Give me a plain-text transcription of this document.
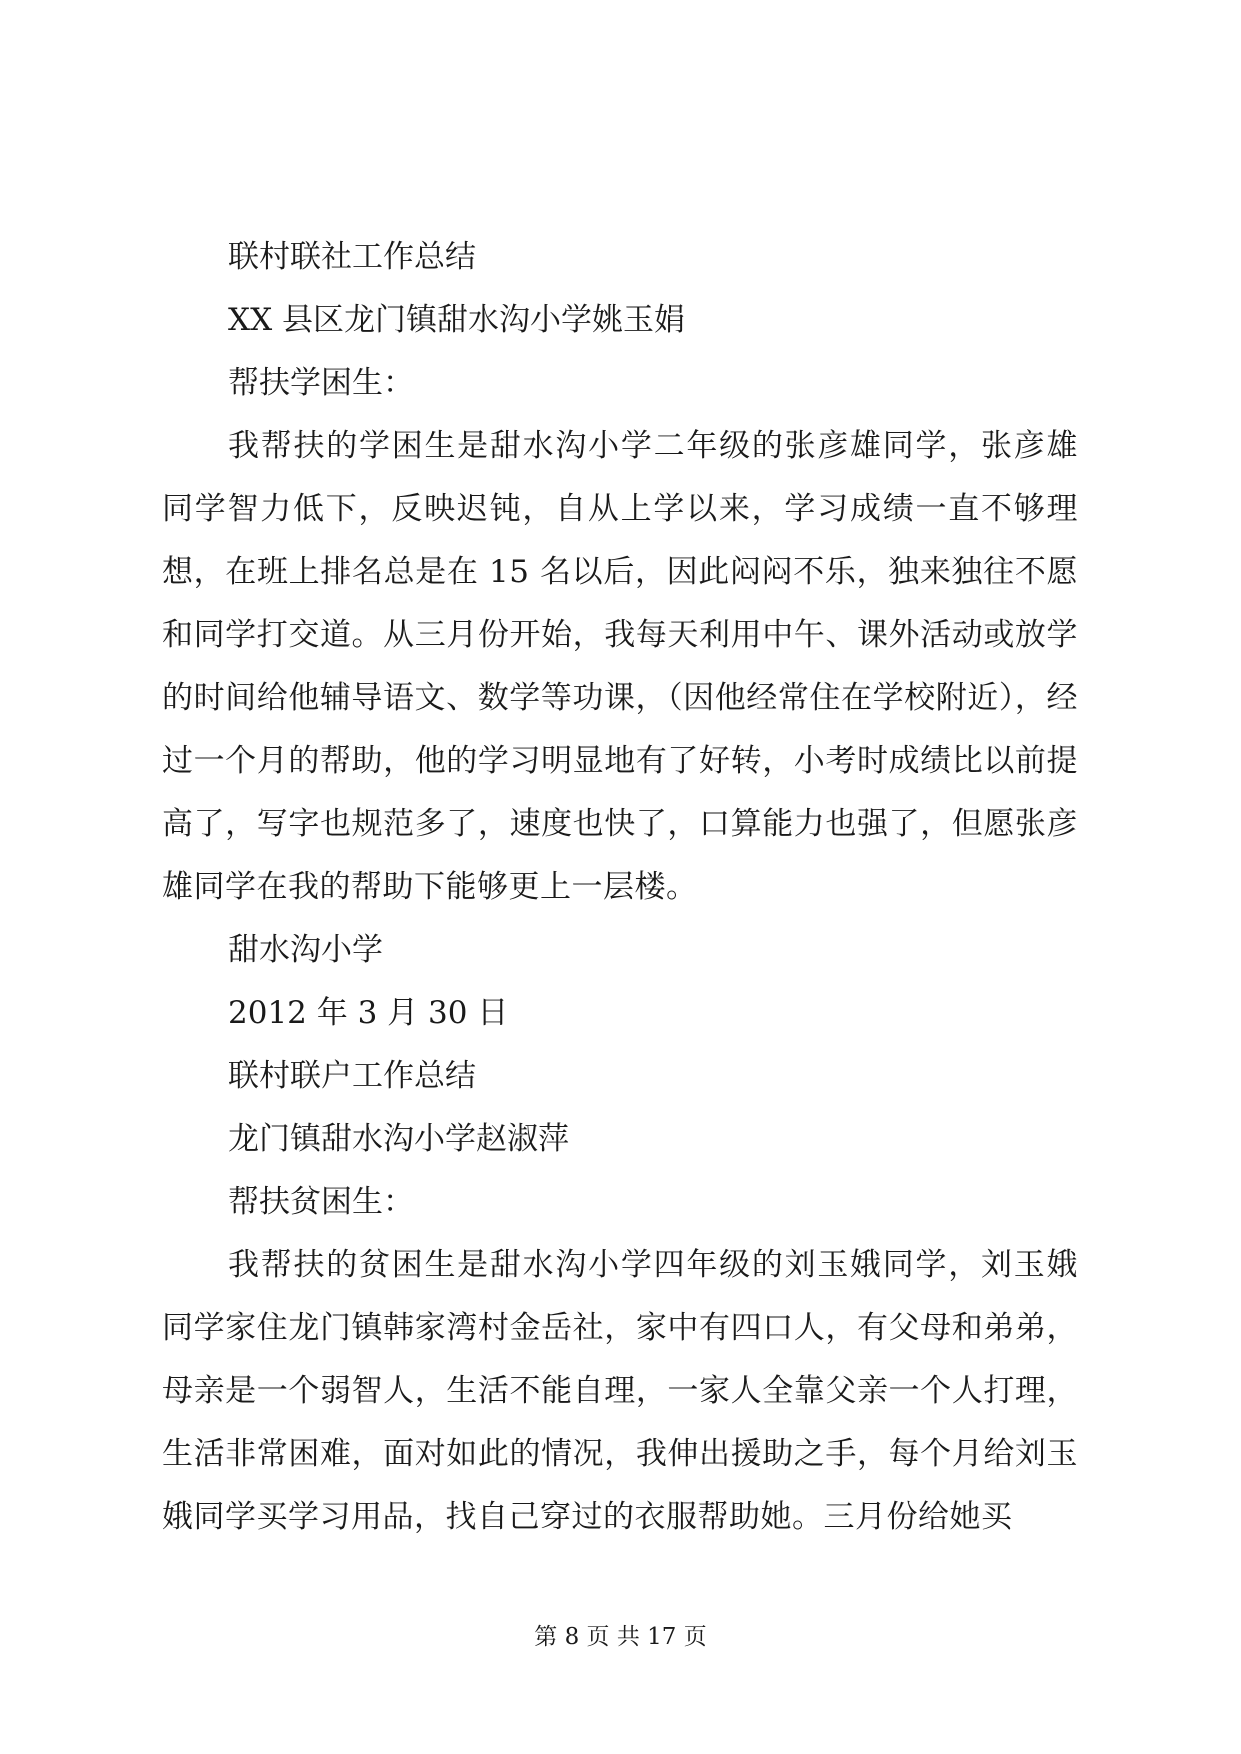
联村联社工作总结
XX 县区龙门镇甜水沟小学姚玉娟
帮扶学困生：
我帮扶的学困生是甜水沟小学二年级的张彦雄同学，张彦雄同学智力低下，反映迟钝，自从上学以来，学习成绩一直不够理想，在班上排名总是在 15 名以后，因此闷闷不乐，独来独往不愿和同学打交道。从三月份开始，我每天利用中午、课外活动或放学的时间给他辅导语文、数学等功课，（因他经常住在学校附近），经过一个月的帮助，他的学习明显地有了好转，小考时成绩比以前提高了，写字也规范多了，速度也快了，口算能力也强了，但愿张彦雄同学在我的帮助下能够更上一层楼。
甜水沟小学
2012 年 3 月 30 日
联村联户工作总结
龙门镇甜水沟小学赵淑萍
帮扶贫困生：
我帮扶的贫困生是甜水沟小学四年级的刘玉娥同学，刘玉娥同学家住龙门镇韩家湾村金岳社，家中有四口人，有父母和弟弟，母亲是一个弱智人，生活不能自理，一家人全靠父亲一个人打理，生活非常困难，面对如此的情况，我伸出援助之手，每个月给刘玉娥同学买学习用品，找自己穿过的衣服帮助她。三月份给她买
第 8 页 共 17 页
